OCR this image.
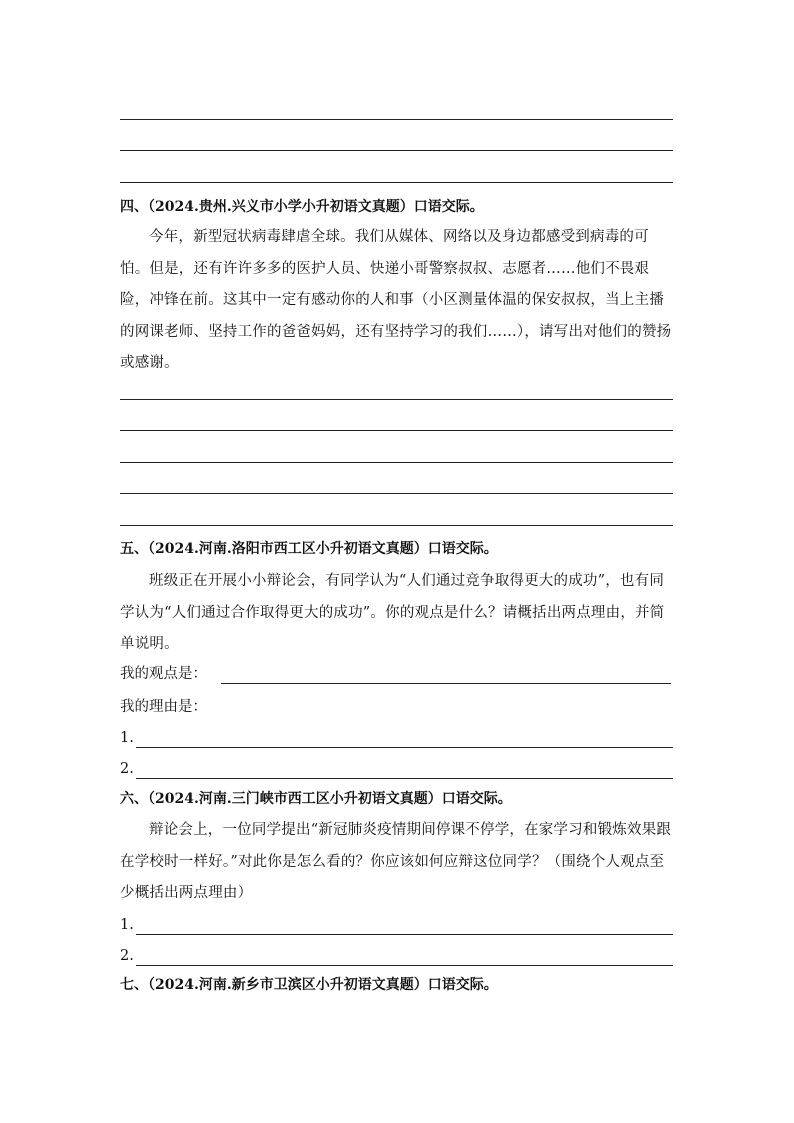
四、（2024.贵州.兴义市小学小升初语文真题）口语交际。
今年，新型冠状病毒肆虐全球。我们从媒体、网络以及身边都感受到病毒的可怕。但是，还有许许多多的医护人员、快递小哥警察叔叔、志愿者……他们不畏艰险，冲锋在前。这其中一定有感动你的人和事（小区测量体温的保安叔叔，当上主播的网课老师、坚持工作的爸爸妈妈，还有坚持学习的我们……），请写出对他们的赞扬或感谢。
五、（2024.河南.洛阳市西工区小升初语文真题）口语交际。
班级正在开展小小辩论会，有同学认为“人们通过竞争取得更大的成功”，也有同学认为“人们通过合作取得更大的成功”。你的观点是什么？请概括出两点理由，并简单说明。
我的观点是：
我的理由是：
1.
2.
六、（2024.河南.三门峡市西工区小升初语文真题）口语交际。
辩论会上，一位同学提出“新冠肺炎疫情期间停课不停学，在家学习和锻炼效果跟在学校时一样好。”对此你是怎么看的？你应该如何应辩这位同学？（围绕个人观点至少概括出两点理由）
1.
2.
七、（2024.河南.新乡市卫滨区小升初语文真题）口语交际。
